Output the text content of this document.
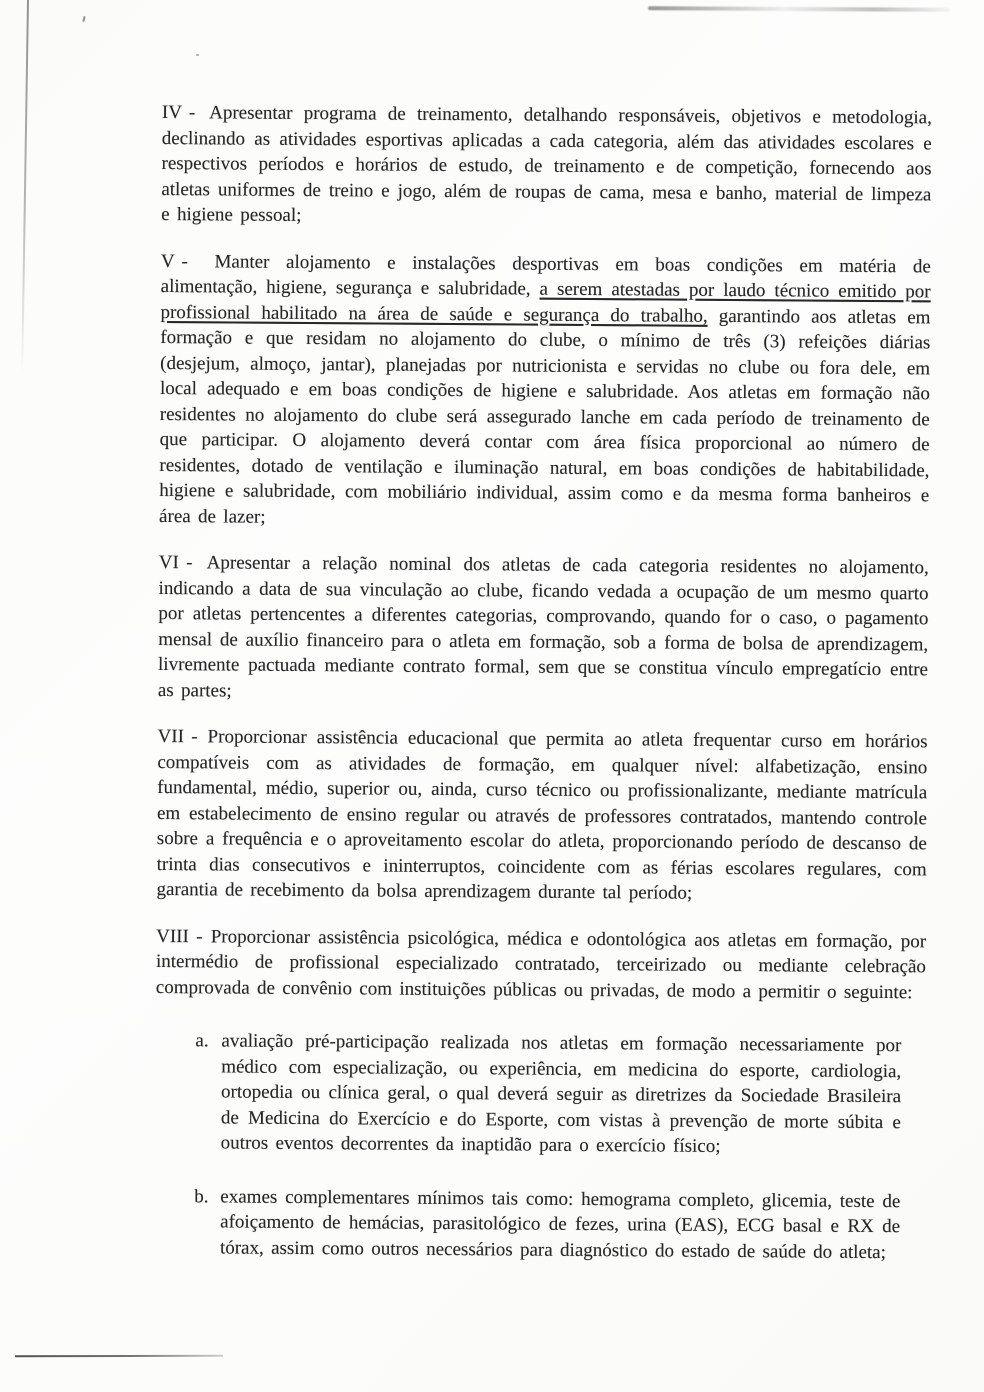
IV - Apresentar programa de treinamento, detalhando responsáveis, objetivos e metodologia, declinando as atividades esportivas aplicadas a cada categoria, além das atividades escolares e respectivos períodos e horários de estudo, de treinamento e de competição, fornecendo aos atletas uniformes de treino e jogo, além de roupas de cama, mesa e banho, material de limpeza e higiene pessoal;

V - Manter alojamento e instalações desportivas em boas condições em matéria de alimentação, higiene, segurança e salubridade, a serem atestadas por laudo técnico emitido por profissional habilitado na área de saúde e segurança do trabalho, garantindo aos atletas em formação e que residam no alojamento do clube, o mínimo de três (3) refeições diárias (desjejum, almoço, jantar), planejadas por nutricionista e servidas no clube ou fora dele, em local adequado e em boas condições de higiene e salubridade. Aos atletas em formação não residentes no alojamento do clube será assegurado lanche em cada período de treinamento de que participar. O alojamento deverá contar com área física proporcional ao número de residentes, dotado de ventilação e iluminação natural, em boas condições de habitabilidade, higiene e salubridade, com mobiliário individual, assim como e da mesma forma banheiros e área de lazer;

VI - Apresentar a relação nominal dos atletas de cada categoria residentes no alojamento, indicando a data de sua vinculação ao clube, ficando vedada a ocupação de um mesmo quarto por atletas pertencentes a diferentes categorias, comprovando, quando for o caso, o pagamento mensal de auxílio financeiro para o atleta em formação, sob a forma de bolsa de aprendizagem, livremente pactuada mediante contrato formal, sem que se constitua vínculo empregatício entre as partes;

VII - Proporcionar assistência educacional que permita ao atleta frequentar curso em horários compatíveis com as atividades de formação, em qualquer nível: alfabetização, ensino fundamental, médio, superior ou, ainda, curso técnico ou profissionalizante, mediante matrícula em estabelecimento de ensino regular ou através de professores contratados, mantendo controle sobre a frequência e o aproveitamento escolar do atleta, proporcionando período de descanso de trinta dias consecutivos e ininterruptos, coincidente com as férias escolares regulares, com garantia de recebimento da bolsa aprendizagem durante tal período;

VIII - Proporcionar assistência psicológica, médica e odontológica aos atletas em formação, por intermédio de profissional especializado contratado, terceirizado ou mediante celebração comprovada de convênio com instituições públicas ou privadas, de modo a permitir o seguinte:

a. avaliação pré-participação realizada nos atletas em formação necessariamente por médico com especialização, ou experiência, em medicina do esporte, cardiologia, ortopedia ou clínica geral, o qual deverá seguir as diretrizes da Sociedade Brasileira de Medicina do Exercício e do Esporte, com vistas à prevenção de morte súbita e outros eventos decorrentes da inaptidão para o exercício físico;
b. exames complementares mínimos tais como: hemograma completo, glicemia, teste de afoiçamento de hemácias, parasitológico de fezes, urina (EAS), ECG basal e RX de tórax, assim como outros necessários para diagnóstico do estado de saúde do atleta;
